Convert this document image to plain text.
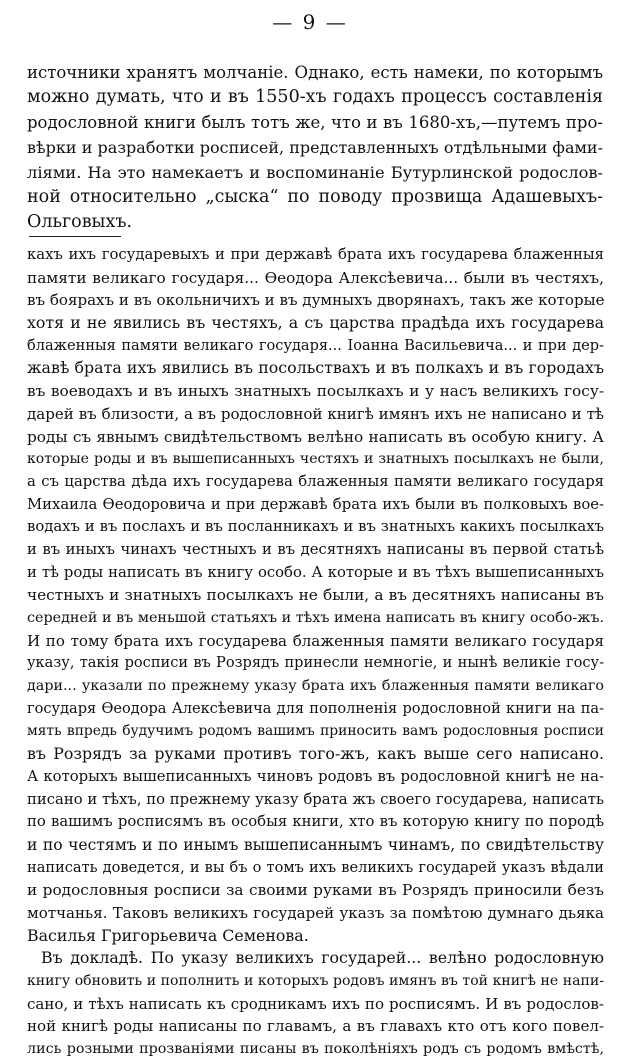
— 9 —
источники хранятъ молчаніе. Однако, есть намеки, по которымъ
можно думать, что и въ 1550-хъ годахъ процессъ составленія
родословной книги былъ тотъ же, что и въ 1680-хъ,—путемъ про-
вѣрки и разработки росписей, представленныхъ отдѣльными фами-
ліями. На это намекаетъ и воспоминаніе Бутурлинской родослов-
ной относительно „сыска“ по поводу прозвища Адашевыхъ-
Ольговыхъ.
кахъ ихъ государевыхъ и при державѣ брата ихъ государева блаженныя
памяти великаго государя... Ѳеодора Алексѣевича... были въ честяхъ,
въ боярахъ и въ окольничихъ и въ думныхъ дворянахъ, такъ же которые
хотя и не явились въ честяхъ, а съ царства прадѣда ихъ государева
блаженныя памяти великаго государя... Іоанна Васильевича... и при дер-
жавѣ брата ихъ явились въ посольствахъ и въ полкахъ и въ городахъ
въ воеводахъ и въ иныхъ знатныхъ посылкахъ и у насъ великихъ госу-
дарей въ близости, а въ родословной книгѣ имянъ ихъ не написано и тѣ
роды съ явнымъ свидѣтельствомъ велѣно написать въ особую книгу. А
которые роды и въ вышеписанныхъ честяхъ и знатныхъ посылкахъ не были,
а съ царства дѣда ихъ государева блаженныя памяти великаго государя
Михаила Ѳеодоровича и при державѣ брата ихъ были въ полковыхъ вое-
водахъ и въ послахъ и въ посланникахъ и въ знатныхъ какихъ посылкахъ
и въ иныхъ чинахъ честныхъ и въ десятняхъ написаны въ первой статьѣ
и тѣ роды написать въ книгу особо. А которые и въ тѣхъ вышеписанныхъ
честныхъ и знатныхъ посылкахъ не были, а въ десятняхъ написаны въ
середней и въ меньшой статьяхъ и тѣхъ имена написать въ книгу особо-жъ.
И по тому брата ихъ государева блаженныя памяти великаго государя
указу, такія росписи въ Розрядъ принесли немногіе, и нынѣ великіе госу-
дари... указали по прежнему указу брата ихъ блаженныя памяти великаго
государя Ѳеодора Алексѣевича для пополненія родословной книги на па-
мять впредь будучимъ родомъ вашимъ приносить вамъ родословныя росписи
въ Розрядъ за руками противъ того-жъ, какъ выше сего написано.
А которыхъ вышеписанныхъ чиновъ родовъ въ родословной книгѣ не на-
писано и тѣхъ, по прежнему указу брата жъ своего государева, написать
по вашимъ росписямъ въ особыя книги, хто въ которую книгу по породѣ
и по честямъ и по инымъ вышеписаннымъ чинамъ, по свидѣтельству
написать доведется, и вы бъ о томъ ихъ великихъ государей указъ вѣдали
и родословныя росписи за своими руками въ Розрядъ приносили безъ
мотчанья. Таковъ великихъ государей указъ за помѣтою думнаго дьяка
Василья Григорьевича Семенова.
Въ докладѣ. По указу великихъ государей... велѣно родословную
книгу обновить и пополнить и которыхъ родовъ имянъ въ той книгѣ не напи-
сано, и тѣхъ написать къ сродникамъ ихъ по росписямъ. И въ родослов-
ной книгѣ роды написаны по главамъ, а въ главахъ кто отъ кого повел-
лись розными прозваніями писаны въ поколѣніяхъ родъ съ родомъ вмѣстѣ,
